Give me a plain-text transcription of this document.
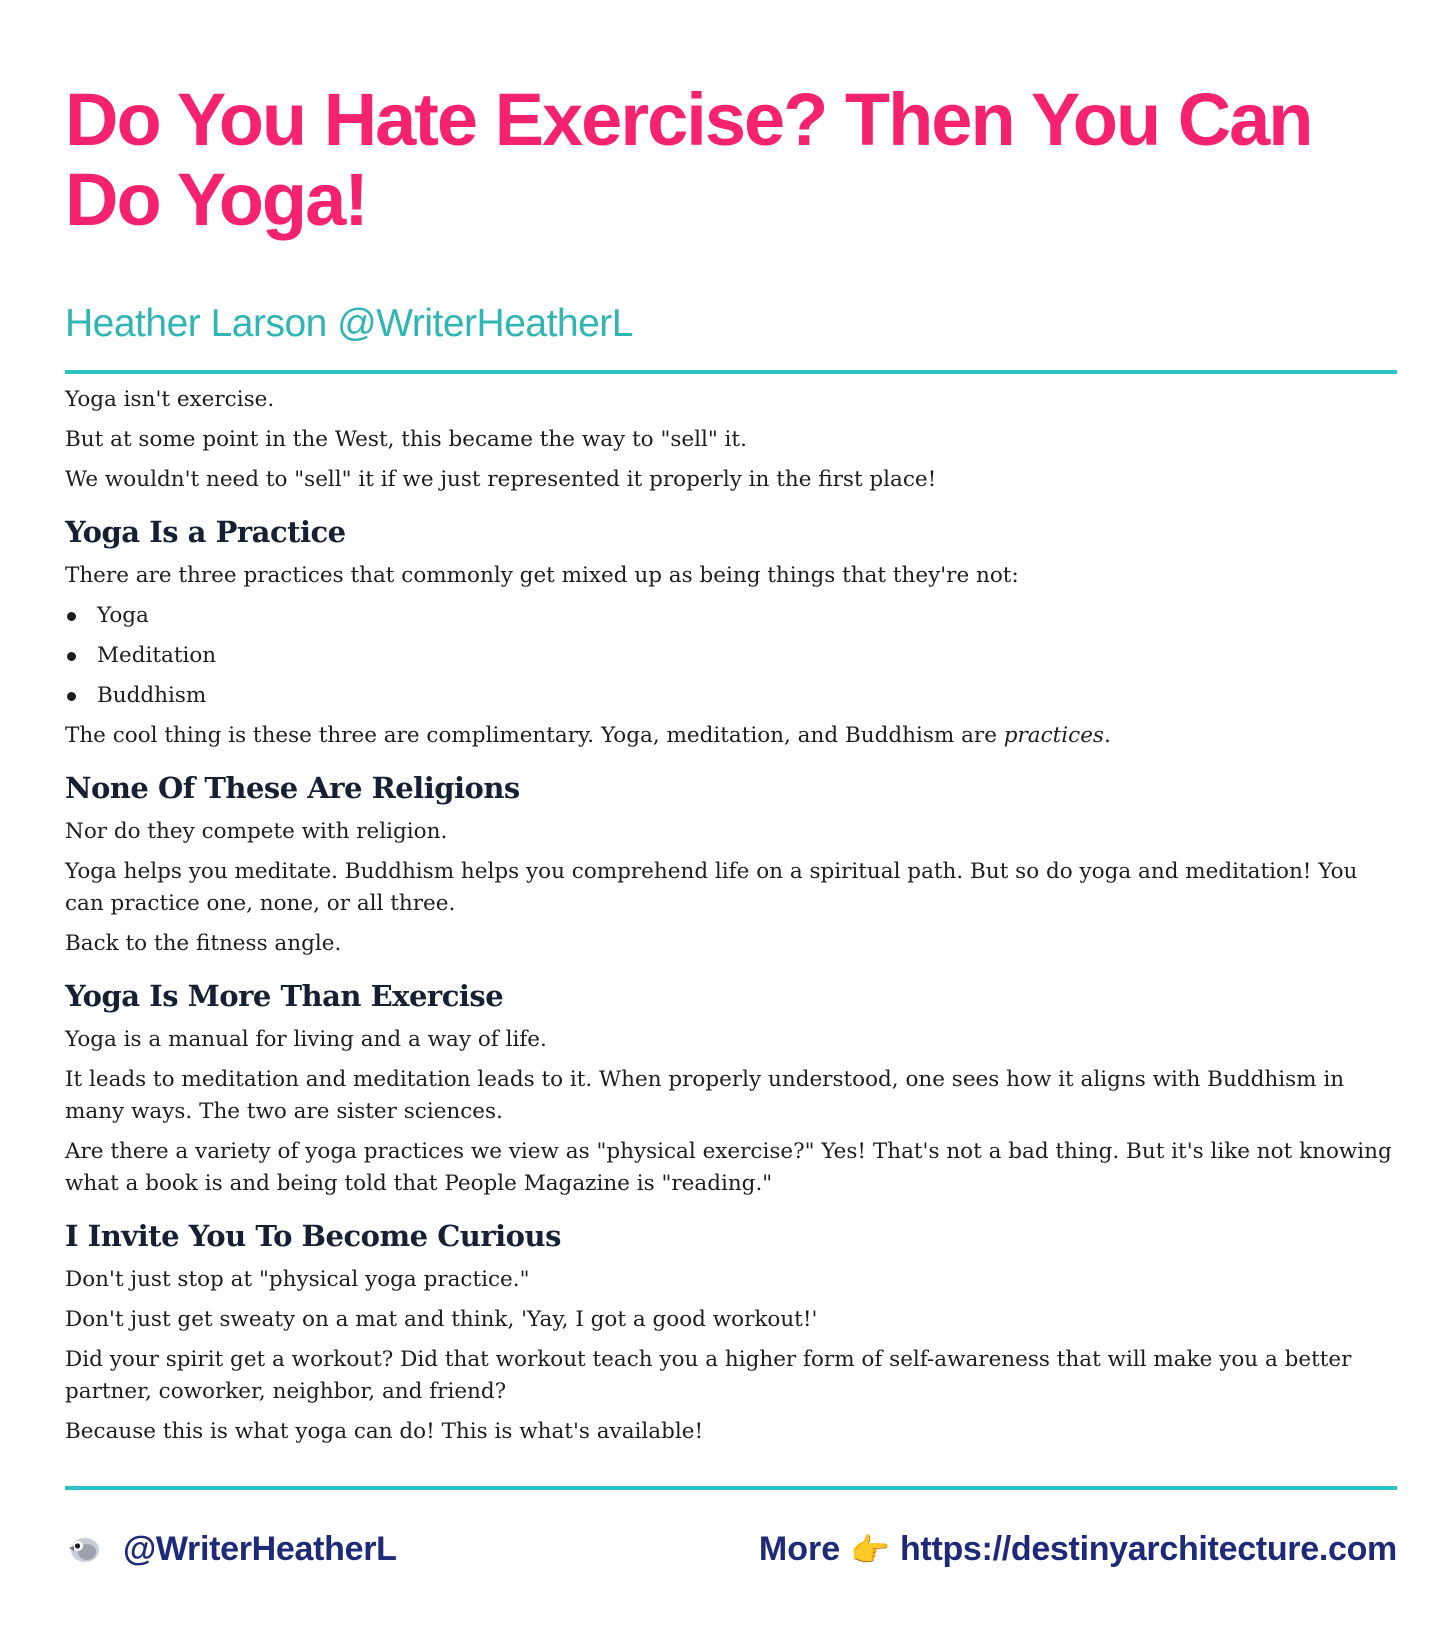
Do You Hate Exercise? Then You Can Do Yoga!
Heather Larson @WriterHeatherL

Yoga isn't exercise.

But at some point in the West, this became the way to "sell" it.

We wouldn't need to "sell" it if we just represented it properly in the first place!

Yoga Is a Practice

There are three practices that commonly get mixed up as being things that they're not:

Yoga
Meditation
Buddhism

The cool thing is these three are complimentary. Yoga, meditation, and Buddhism are practices.

None Of These Are Religions

Nor do they compete with religion.

Yoga helps you meditate. Buddhism helps you comprehend life on a spiritual path. But so do yoga and meditation! You can practice one, none, or all three.

Back to the fitness angle.

Yoga Is More Than Exercise

Yoga is a manual for living and a way of life.

It leads to meditation and meditation leads to it. When properly understood, one sees how it aligns with Buddhism in many ways. The two are sister sciences.

Are there a variety of yoga practices we view as "physical exercise?" Yes! That's not a bad thing. But it's like not knowing what a book is and being told that People Magazine is "reading."

I Invite You To Become Curious

Don't just stop at "physical yoga practice."

Don't just get sweaty on a mat and think, 'Yay, I got a good workout!'

Did your spirit get a workout? Did that workout teach you a higher form of self-awareness that will make you a better partner, coworker, neighbor, and friend?

Because this is what yoga can do! This is what's available!

@WriterHeatherL	More 👉 https://destinyarchitecture.com
